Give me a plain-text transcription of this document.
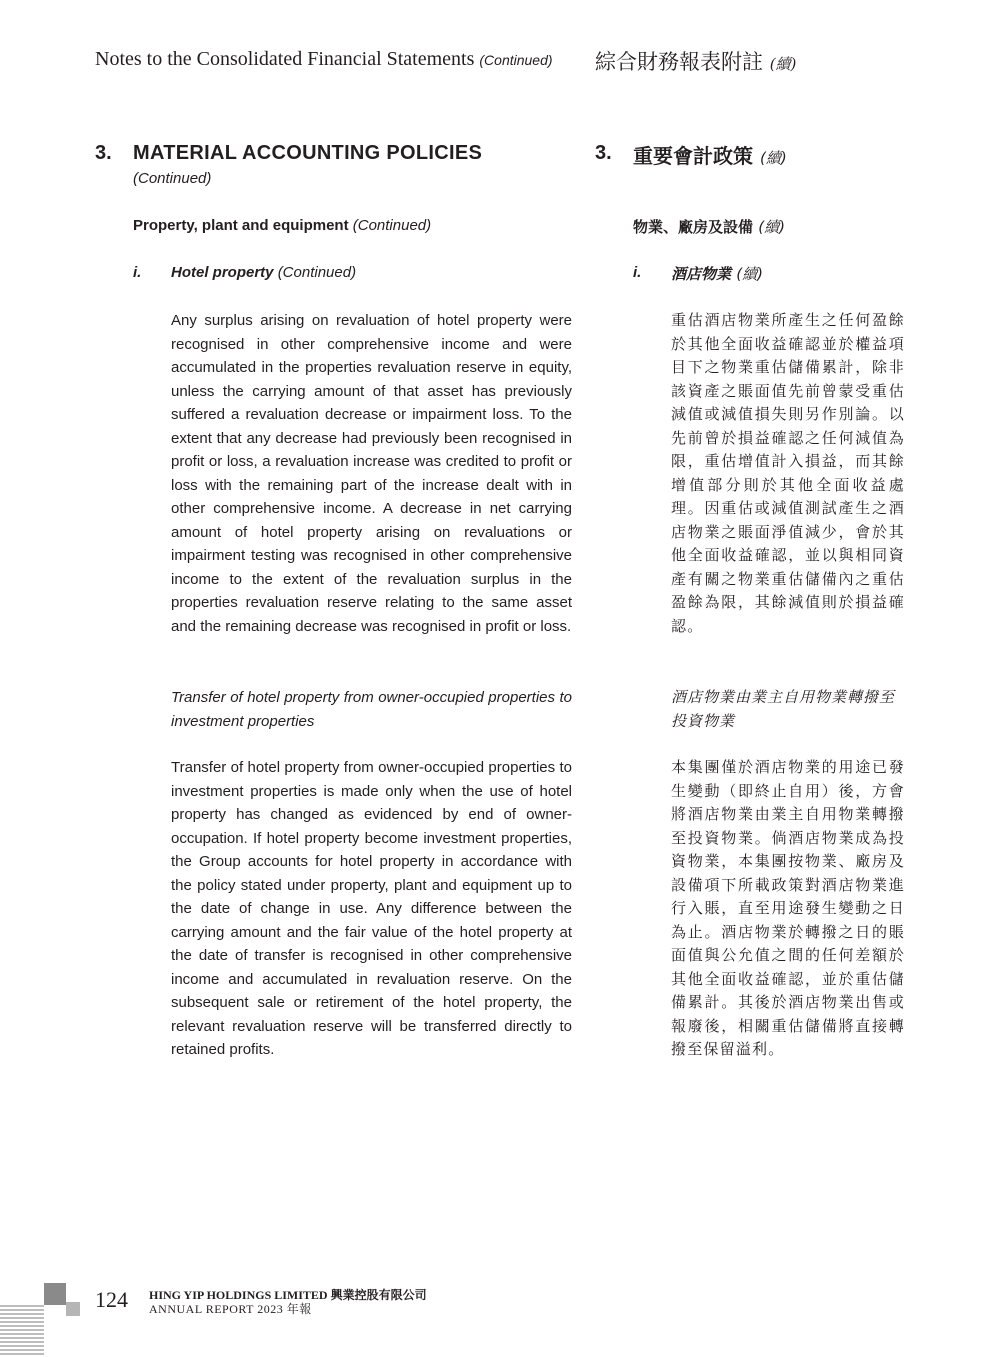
Notes to the Consolidated Financial Statements (Continued) 綜合財務報表附註 (續)
3. MATERIAL ACCOUNTING POLICIES
(Continued)
3. 重要會計政策 (續)
Property, plant and equipment (Continued)	物業、廠房及設備 (續)
i. Hotel property (Continued)	i. 酒店物業 (續)
Any surplus arising on revaluation of hotel property were recognised in other comprehensive income and were accumulated in the properties revaluation reserve in equity, unless the carrying amount of that asset has previously suffered a revaluation decrease or impairment loss. To the extent that any decrease had previously been recognised in profit or loss, a revaluation increase was credited to profit or loss with the remaining part of the increase dealt with in other comprehensive income. A decrease in net carrying amount of hotel property arising on revaluations or impairment testing was recognised in other comprehensive income to the extent of the revaluation surplus in the properties revaluation reserve relating to the same asset and the remaining decrease was recognised in profit or loss.
Transfer of hotel property from owner-occupied properties to investment properties
Transfer of hotel property from owner-occupied properties to investment properties is made only when the use of hotel property has changed as evidenced by end of owner-occupation. If hotel property become investment properties, the Group accounts for hotel property in accordance with the policy stated under property, plant and equipment up to the date of change in use. Any difference between the carrying amount and the fair value of the hotel property at the date of transfer is recognised in other comprehensive income and accumulated in revaluation reserve. On the subsequent sale or retirement of the hotel property, the relevant revaluation reserve will be transferred directly to retained profits.
重估酒店物業所產生之任何盈餘於其他全面收益確認並於權益項目下之物業重估儲備累計，除非該資產之賬面值先前曾蒙受重估減值或減值損失則另作別論。以先前曾於損益確認之任何減值為限，重估增值計入損益，而其餘增值部分則於其他全面收益處理。因重估或減值測試產生之酒店物業之賬面淨值減少，會於其他全面收益確認，並以與相同資產有關之物業重估儲備內之重估盈餘為限，其餘減值則於損益確認。
酒店物業由業主自用物業轉撥至投資物業
本集團僅於酒店物業的用途已發生變動（即終止自用）後，方會將酒店物業由業主自用物業轉撥至投資物業。倘酒店物業成為投資物業，本集團按物業、廠房及設備項下所載政策對酒店物業進行入賬，直至用途發生變動之日為止。酒店物業於轉撥之日的賬面值與公允值之間的任何差額於其他全面收益確認，並於重估儲備累計。其後於酒店物業出售或報廢後，相關重估儲備將直接轉撥至保留溢利。
124 HING YIP HOLDINGS LIMITED 興業控股有限公司
ANNUAL REPORT 2023 年報
